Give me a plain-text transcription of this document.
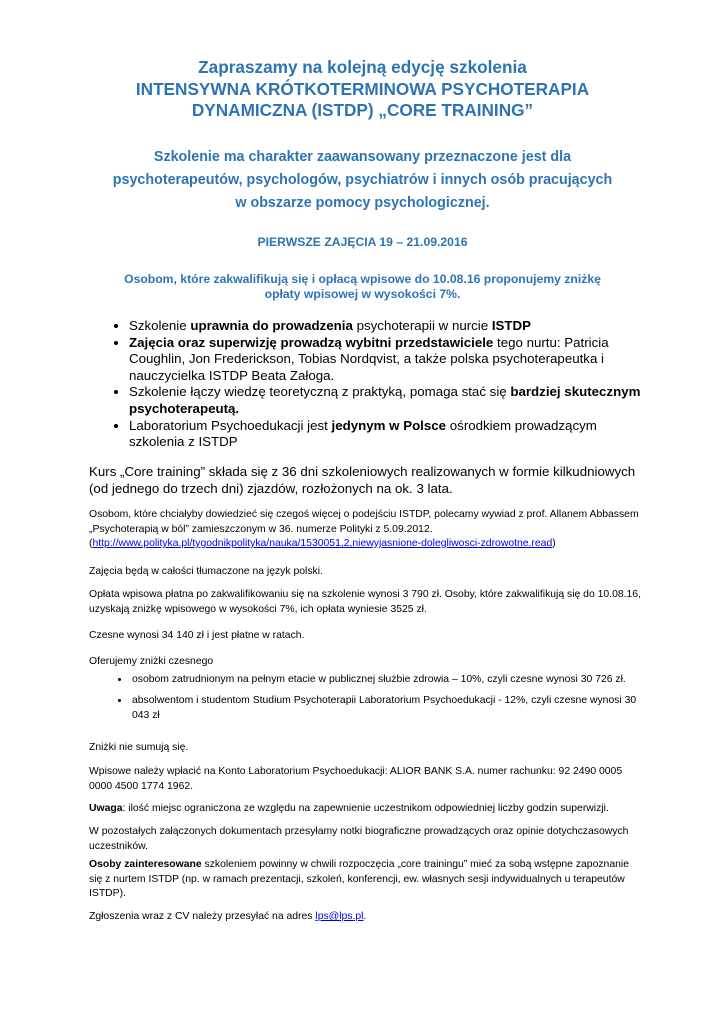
Zapraszamy na kolejną edycję szkolenia
INTENSYWNA KRÓTKOTERMINOWA PSYCHOTERAPIA
DYNAMICZNA (ISTDP) „CORE TRAINING”
Szkolenie ma charakter zaawansowany przeznaczone jest dla
psychoterapeutów, psychologów, psychiatrów i innych osób pracujących
w obszarze pomocy psychologicznej.
PIERWSZE ZAJĘCIA 19 – 21.09.2016
Osobom, które zakwalifikują się i opłacą wpisowe do 10.08.16 proponujemy zniżkę
opłaty wpisowej w wysokości 7%.
• Szkolenie uprawnia do prowadzenia psychoterapii w nurcie ISTDP
• Zajęcia oraz superwizję prowadzą wybitni przedstawiciele tego nurtu: Patricia Coughlin, Jon Frederickson, Tobias Nordqvist, a także polska psychoterapeutka i nauczycielka ISTDP Beata Załoga.
• Szkolenie łączy wiedzę teoretyczną z praktyką, pomaga stać się bardziej skutecznym psychoterapeutą.
• Laboratorium Psychoedukacji jest jedynym w Polsce ośrodkiem prowadzącym szkolenia z ISTDP
Kurs „Core training” składa się z 36 dni szkoleniowych realizowanych w formie kilkudniowych (od jednego do trzech dni) zjazdów, rozłożonych na ok. 3 lata.

Osobom, które chciałyby dowiedzieć się czegoś więcej o podejściu ISTDP, polecamy wywiad z prof. Allanem Abbassem „Psychoterapią w ból” zamieszczonym w 36. numerze Polityki z 5.09.2012.
(http://www.polityka.pl/tygodnikpolityka/nauka/1530051,2,niewyjasnione-dolegliwosci-zdrowotne.read)

Zajęcia będą w całości tłumaczone na język polski.
Opłata wpisowa płatna po zakwalifikowaniu się na szkolenie wynosi 3 790 zł. Osoby, które zakwalifikują się do 10.08.16, uzyskają zniżkę wpisowego w wysokości 7%, ich opłata wyniesie 3525 zł.
Czesne wynosi 34 140 zł i jest płatne w ratach.

Oferujemy zniżki czesnego

• osobom zatrudnionym na pełnym etacie w publicznej służbie zdrowia – 10%, czyli czesne wynosi 30 726 zł.
• absolwentom i studentom Studium Psychoterapii Laboratorium Psychoedukacji - 12%, czyli czesne wynosi 30 043 zł
Zniżki nie sumują się.
Wpisowe należy wpłacić na Konto Laboratorium Psychoedukacji: ALIOR BANK S.A. numer rachunku: 92 2490 0005 0000 4500 1774 1962.
Uwaga: ilość miejsc ograniczona ze względu na zapewnienie uczestnikom odpowiedniej liczby godzin superwizji.
W pozostałych załączonych dokumentach przesyłamy notki biograficzne prowadzących oraz opinie dotychczasowych uczestników.
Osoby zainteresowane szkoleniem powinny w chwili rozpoczęcia „core trainingu” mieć za sobą wstępne zapoznanie się z nurtem ISTDP (np. w ramach prezentacji, szkoleń, konferencji, ew. własnych sesji indywidualnych u terapeutów ISTDP).
Zgłoszenia wraz z CV należy przesyłać na adres lps@lps.pl.
